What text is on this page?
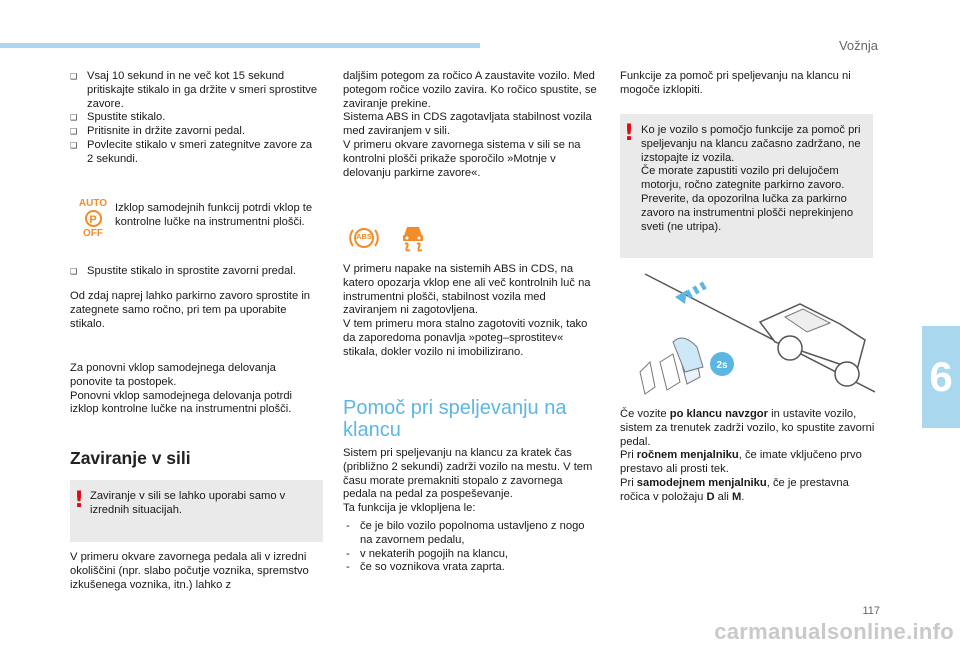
Vožnja
6
117
❑ Vsaj 10 sekund in ne več kot 15 sekund pritiskajte stikalo in ga držite v smeri sprostitve zavore.
❑ Spustite stikalo.
❑ Pritisnite in držite zavorni pedal.
❑ Povlecite stikalo v smeri zategnitve zavore za 2 sekundi.
AUTO
P
OFF
Izklop samodejnih funkcij potrdi vklop te kontrolne lučke na instrumentni plošči.
❑ Spustite stikalo in sprostite zavorni predal.

Od zdaj naprej lahko parkirno zavoro sprostite in zategnete samo ročno, pri tem pa uporabite stikalo.

Za ponovni vklop samodejnega delovanja ponovite ta postopek.
Ponovni vklop samodejnega delovanja potrdi izklop kontrolne lučke na instrumentni plošči.

Zaviranje v sili
! Zaviranje v sili se lahko uporabi samo v izrednih situacijah.

V primeru okvare zavornega pedala ali v izredni okoliščini (npr. slabo počutje voznika, spremstvo izkušenega voznika, itn.) lahko z

daljšim potegom za ročico A zaustavite vozilo. Med potegom ročice vozilo zavira. Ko ročico spustite, se zaviranje prekine.
Sistema ABS in CDS zagotavljata stabilnost vozila med zaviranjem v sili.
V primeru okvare zavornega sistema v sili se na kontrolni plošči prikaže sporočilo »Motnje v delovanju parkirne zavore«.

ABS

V primeru napake na sistemih ABS in CDS, na katero opozarja vklop ene ali več kontrolnih luč na instrumentni plošči, stabilnost vozila med zaviranjem ni zagotovljena.
V tem primeru mora stalno zagotoviti voznik, tako da zaporedoma ponavlja »poteg–sprostitev« stikala, dokler vozilo ni imobilizirano.

Pomoč pri speljevanju na klancu

Sistem pri speljevanju na klancu za kratek čas (približno 2 sekundi) zadrži vozilo na mestu. V tem času morate premakniti stopalo z zavornega pedala na pedal za pospeševanje.
Ta funkcija je vklopljena le:

- če je bilo vozilo popolnoma ustavljeno z nogo na zavornem pedalu,
- v nekaterih pogojih na klancu,
- če so voznikova vrata zaprta.

Funkcije za pomoč pri speljevanju na klancu ni mogoče izklopiti.

! Ko je vozilo s pomočjo funkcije za pomoč pri speljevanju na klancu začasno zadržano, ne izstopajte iz vozila.
Če morate zapustiti vozilo pri delujočem motorju, ročno zategnite parkirno zavoro. Preverite, da opozorilna lučka za parkirno zavoro na instrumentni plošči neprekinjeno sveti (ne utripa).

2s

Če vozite po klancu navzgor in ustavite vozilo, sistem za trenutek zadrži vozilo, ko spustite zavorni pedal.

Pri ročnem menjalniku, če imate vključeno prvo prestavo ali prosti tek.

Pri samodejnem menjalniku, če je prestavna ročica v položaju D ali M.

carmanualsonline.info
